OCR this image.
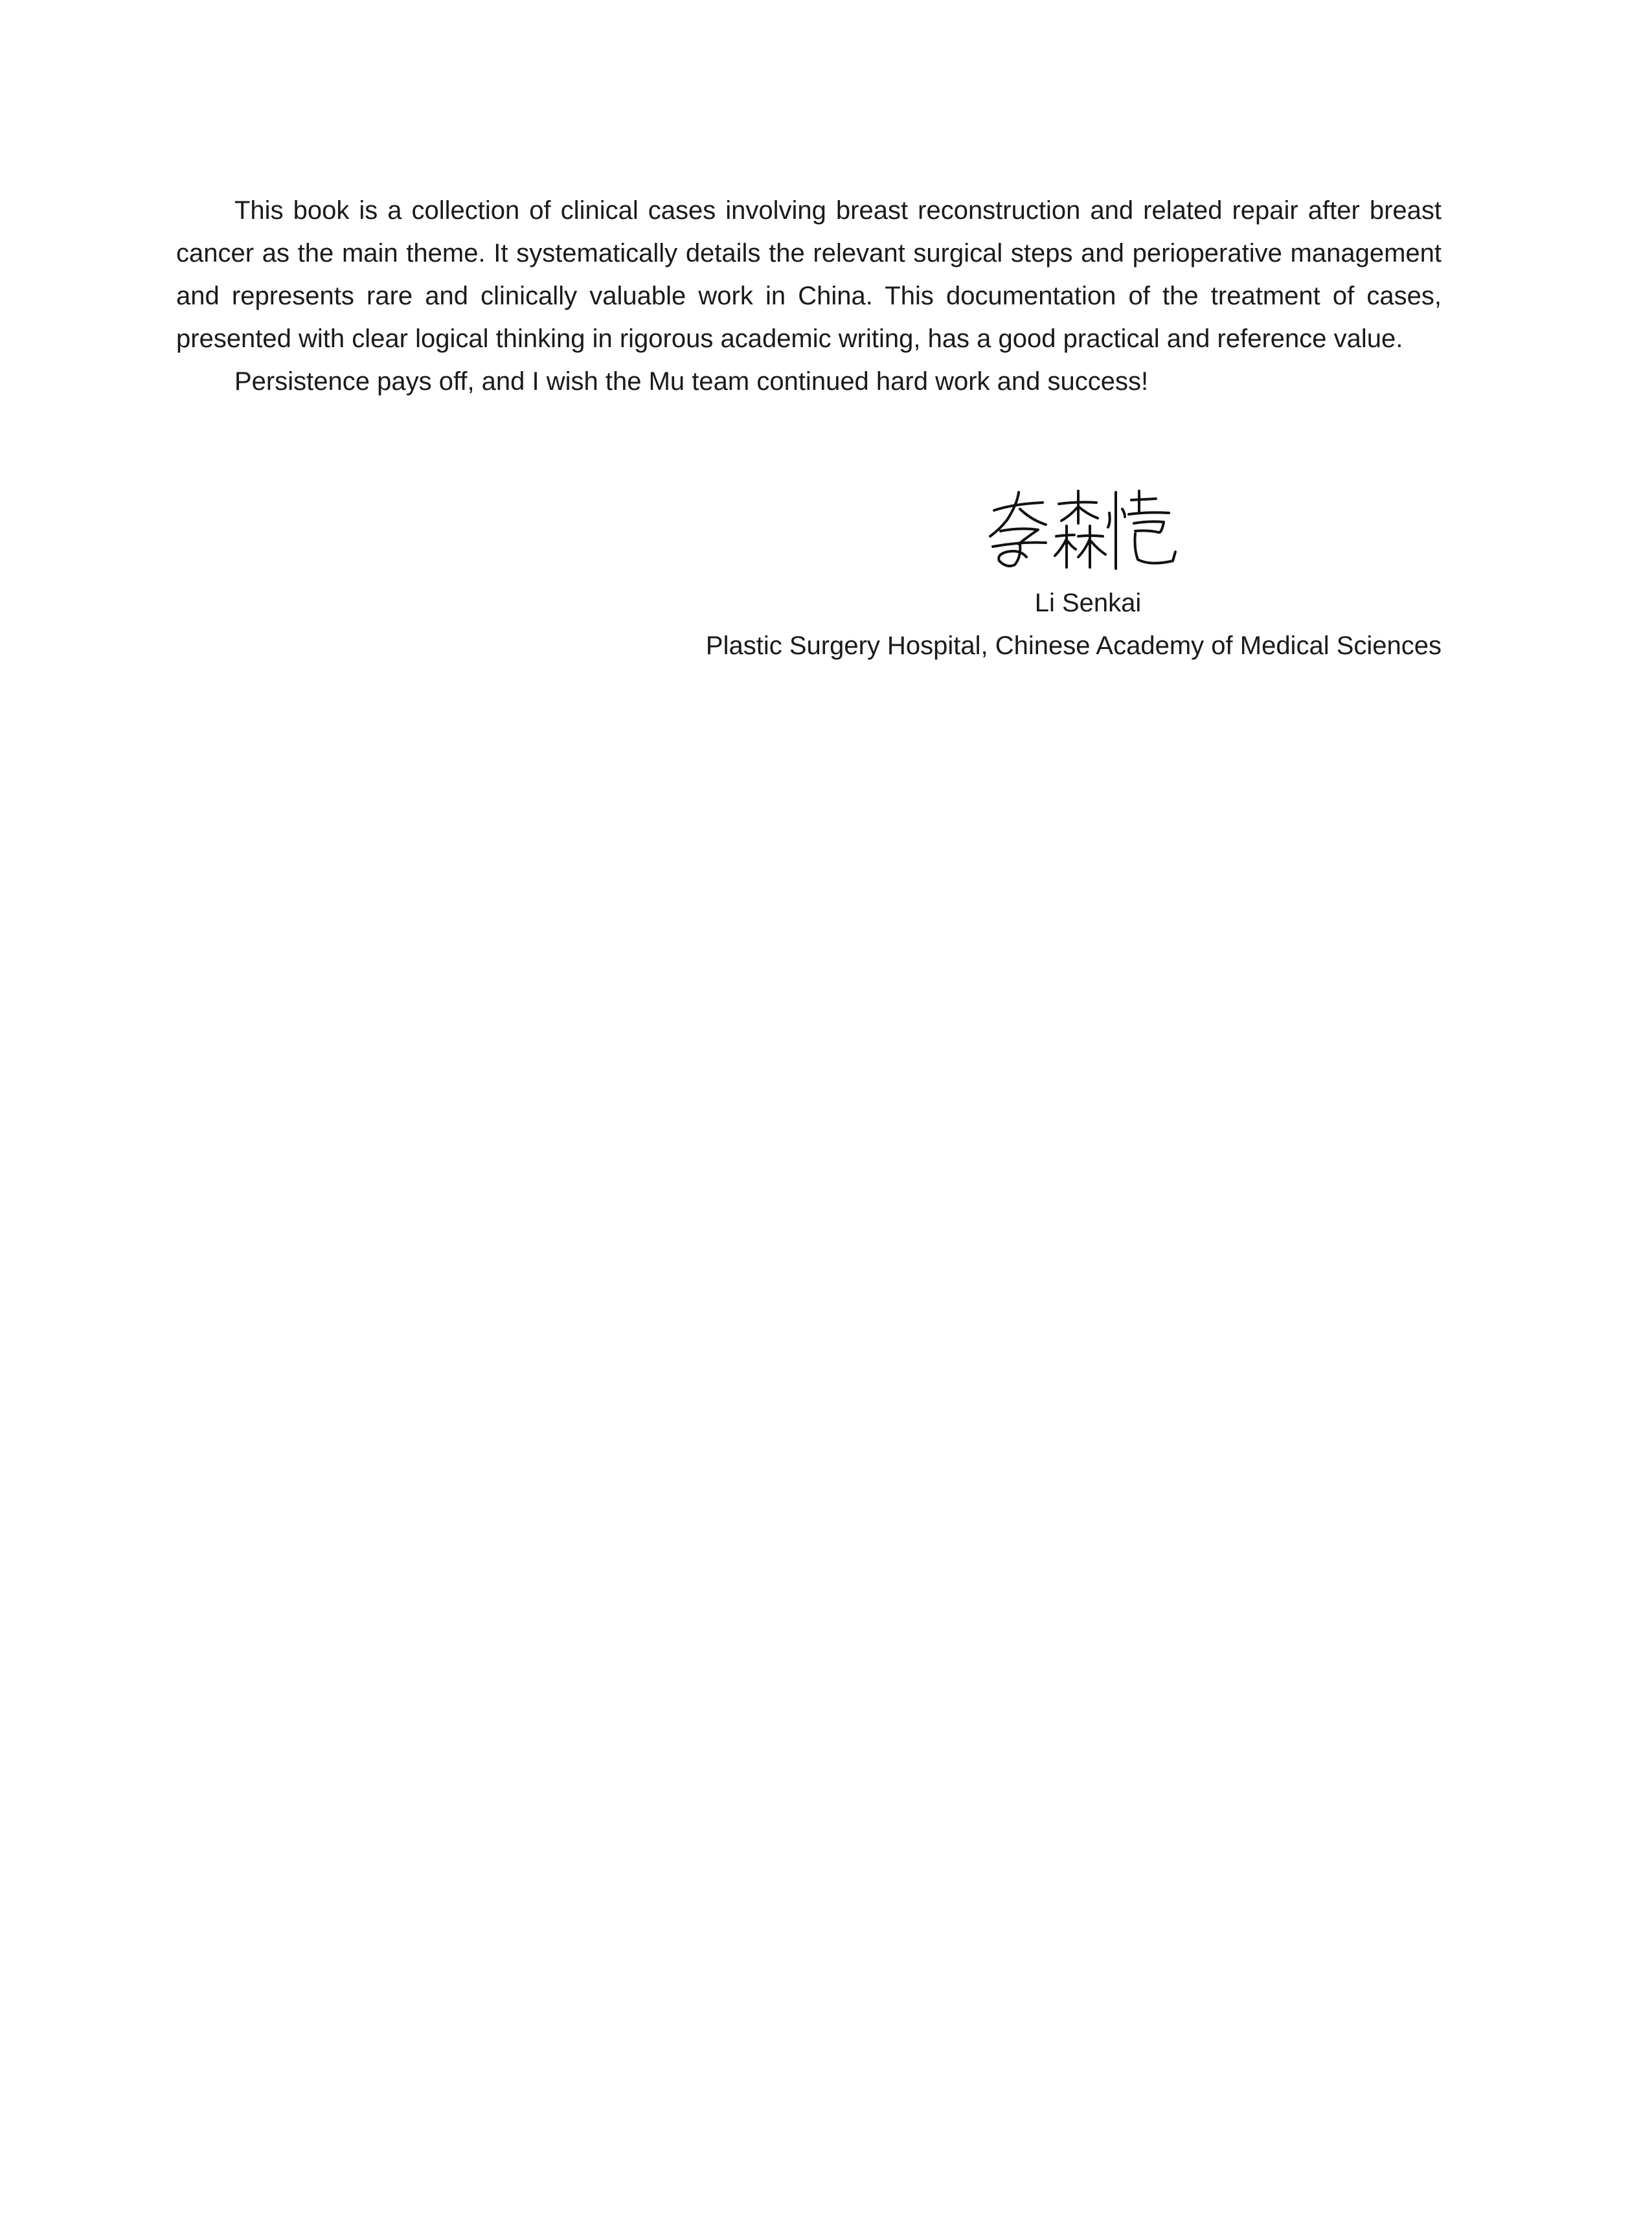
This book is a collection of clinical cases involving breast reconstruction and related repair after breast cancer as the main theme. It systematically details the relevant surgical steps and perioperative management and represents rare and clinically valuable work in China. This documentation of the treatment of cases, presented with clear logical thinking in rigorous academic writing, has a good practical and reference value.

Persistence pays off, and I wish the Mu team continued hard work and success!

Li Senkai
Plastic Surgery Hospital, Chinese Academy of Medical Sciences
